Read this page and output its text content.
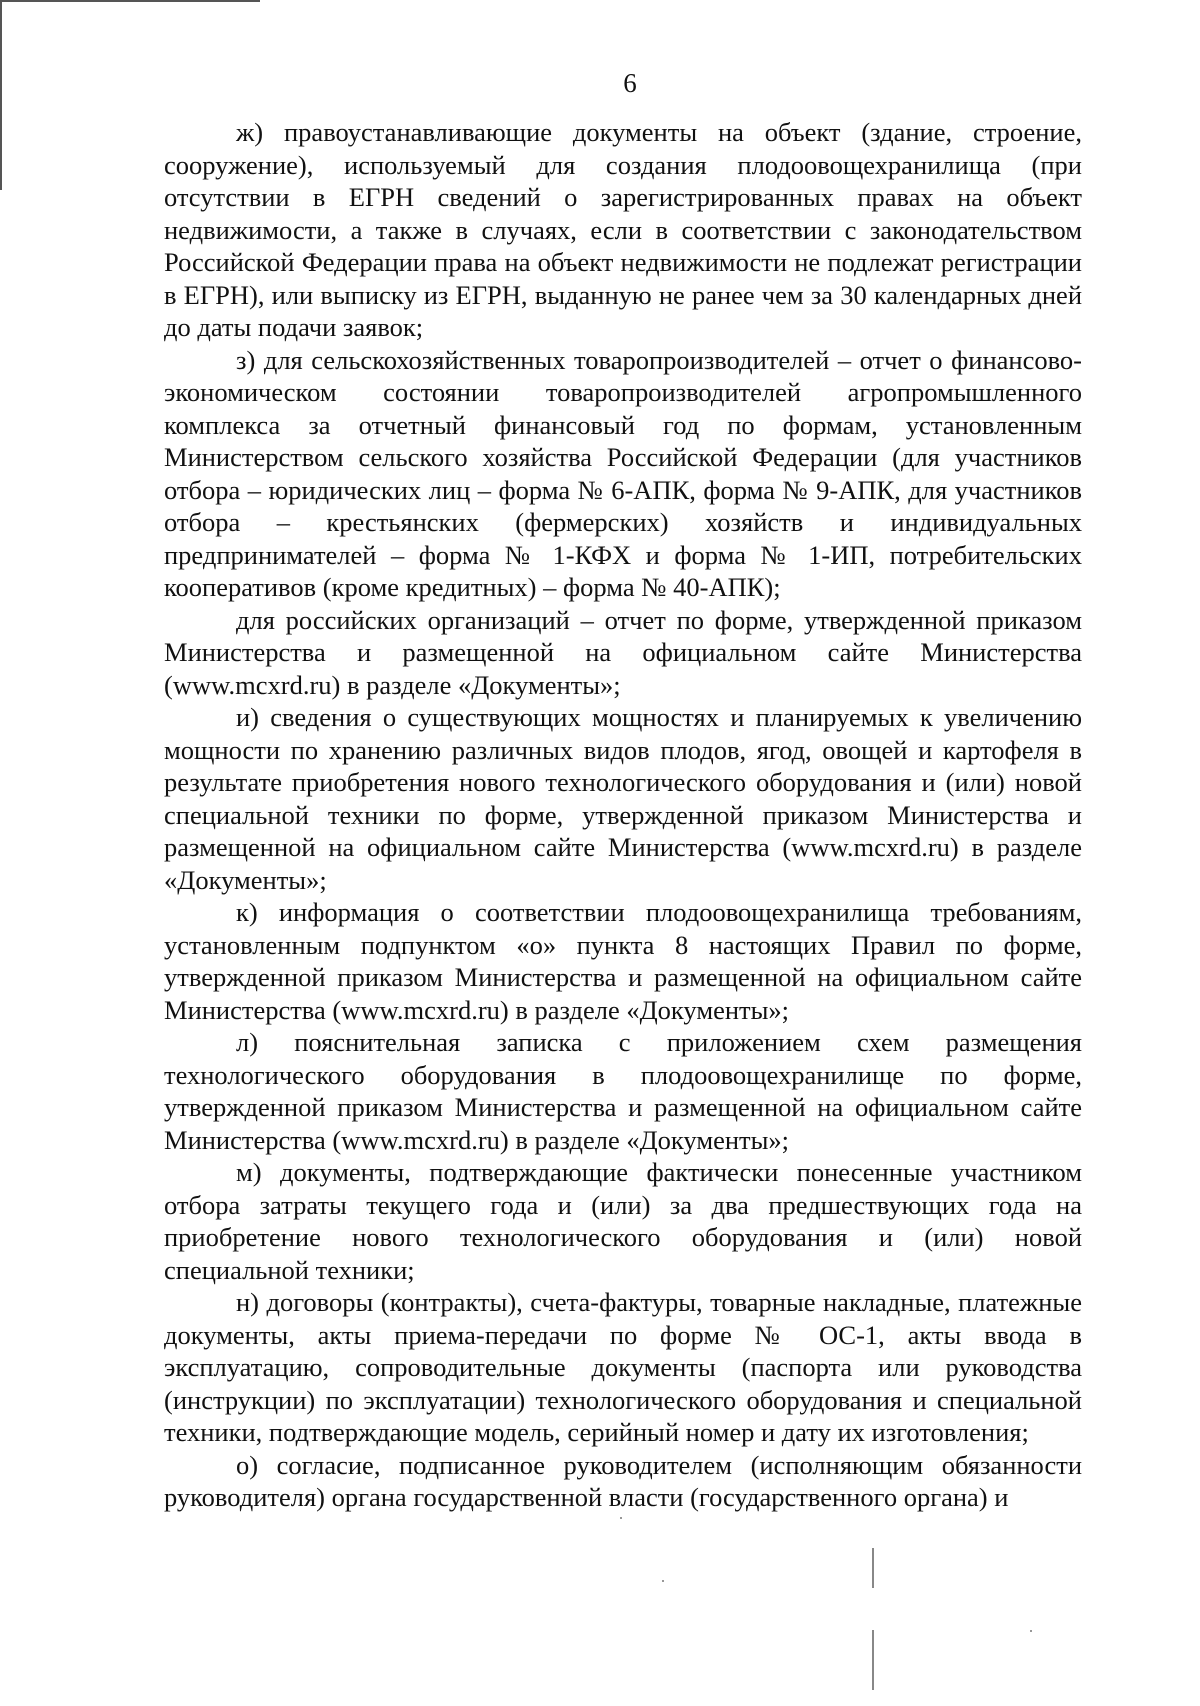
6

ж) правоустанавливающие документы на объект (здание, строение, сооружение), используемый для создания плодоовощехранилища (при отсутствии в ЕГРН сведений о зарегистрированных правах на объект недвижимости, а также в случаях, если в соответствии с законодательством Российской Федерации права на объект недвижимости не подлежат регистрации в ЕГРН), или выписку из ЕГРН, выданную не ранее чем за 30 календарных дней до даты подачи заявок;

з) для сельскохозяйственных товаропроизводителей – отчет о финансово-экономическом состоянии товаропроизводителей агропромышленного комплекса за отчетный финансовый год по формам, установленным Министерством сельского хозяйства Российской Федерации (для участников отбора – юридических лиц – форма № 6-АПК, форма № 9-АПК, для участников отбора – крестьянских (фермерских) хозяйств и индивидуальных предпринимателей – форма № 1-КФХ и форма № 1-ИП, потребительских кооперативов (кроме кредитных) – форма № 40-АПК);

для российских организаций – отчет по форме, утвержденной приказом Министерства и размещенной на официальном сайте Министерства (www.mcxrd.ru) в разделе «Документы»;

и) сведения о существующих мощностях и планируемых к увеличению мощности по хранению различных видов плодов, ягод, овощей и картофеля в результате приобретения нового технологического оборудования и (или) новой специальной техники по форме, утвержденной приказом Министерства и размещенной на официальном сайте Министерства (www.mcxrd.ru) в разделе «Документы»;

к) информация о соответствии плодоовощехранилища требованиям, установленным подпунктом «о» пункта 8 настоящих Правил по форме, утвержденной приказом Министерства и размещенной на официальном сайте Министерства (www.mcxrd.ru) в разделе «Документы»;

л) пояснительная записка с приложением схем размещения технологического оборудования в плодоовощехранилище по форме, утвержденной приказом Министерства и размещенной на официальном сайте Министерства (www.mcxrd.ru) в разделе «Документы»;

м) документы, подтверждающие фактически понесенные участником отбора затраты текущего года и (или) за два предшествующих года на приобретение нового технологического оборудования и (или) новой специальной техники;

н) договоры (контракты), счета-фактуры, товарные накладные, платежные документы, акты приема-передачи по форме № ОС-1, акты ввода в эксплуатацию, сопроводительные документы (паспорта или руководства (инструкции) по эксплуатации) технологического оборудования и специальной техники, подтверждающие модель, серийный номер и дату их изготовления;

о) согласие, подписанное руководителем (исполняющим обязанности руководителя) органа государственной власти (государственного органа) и
